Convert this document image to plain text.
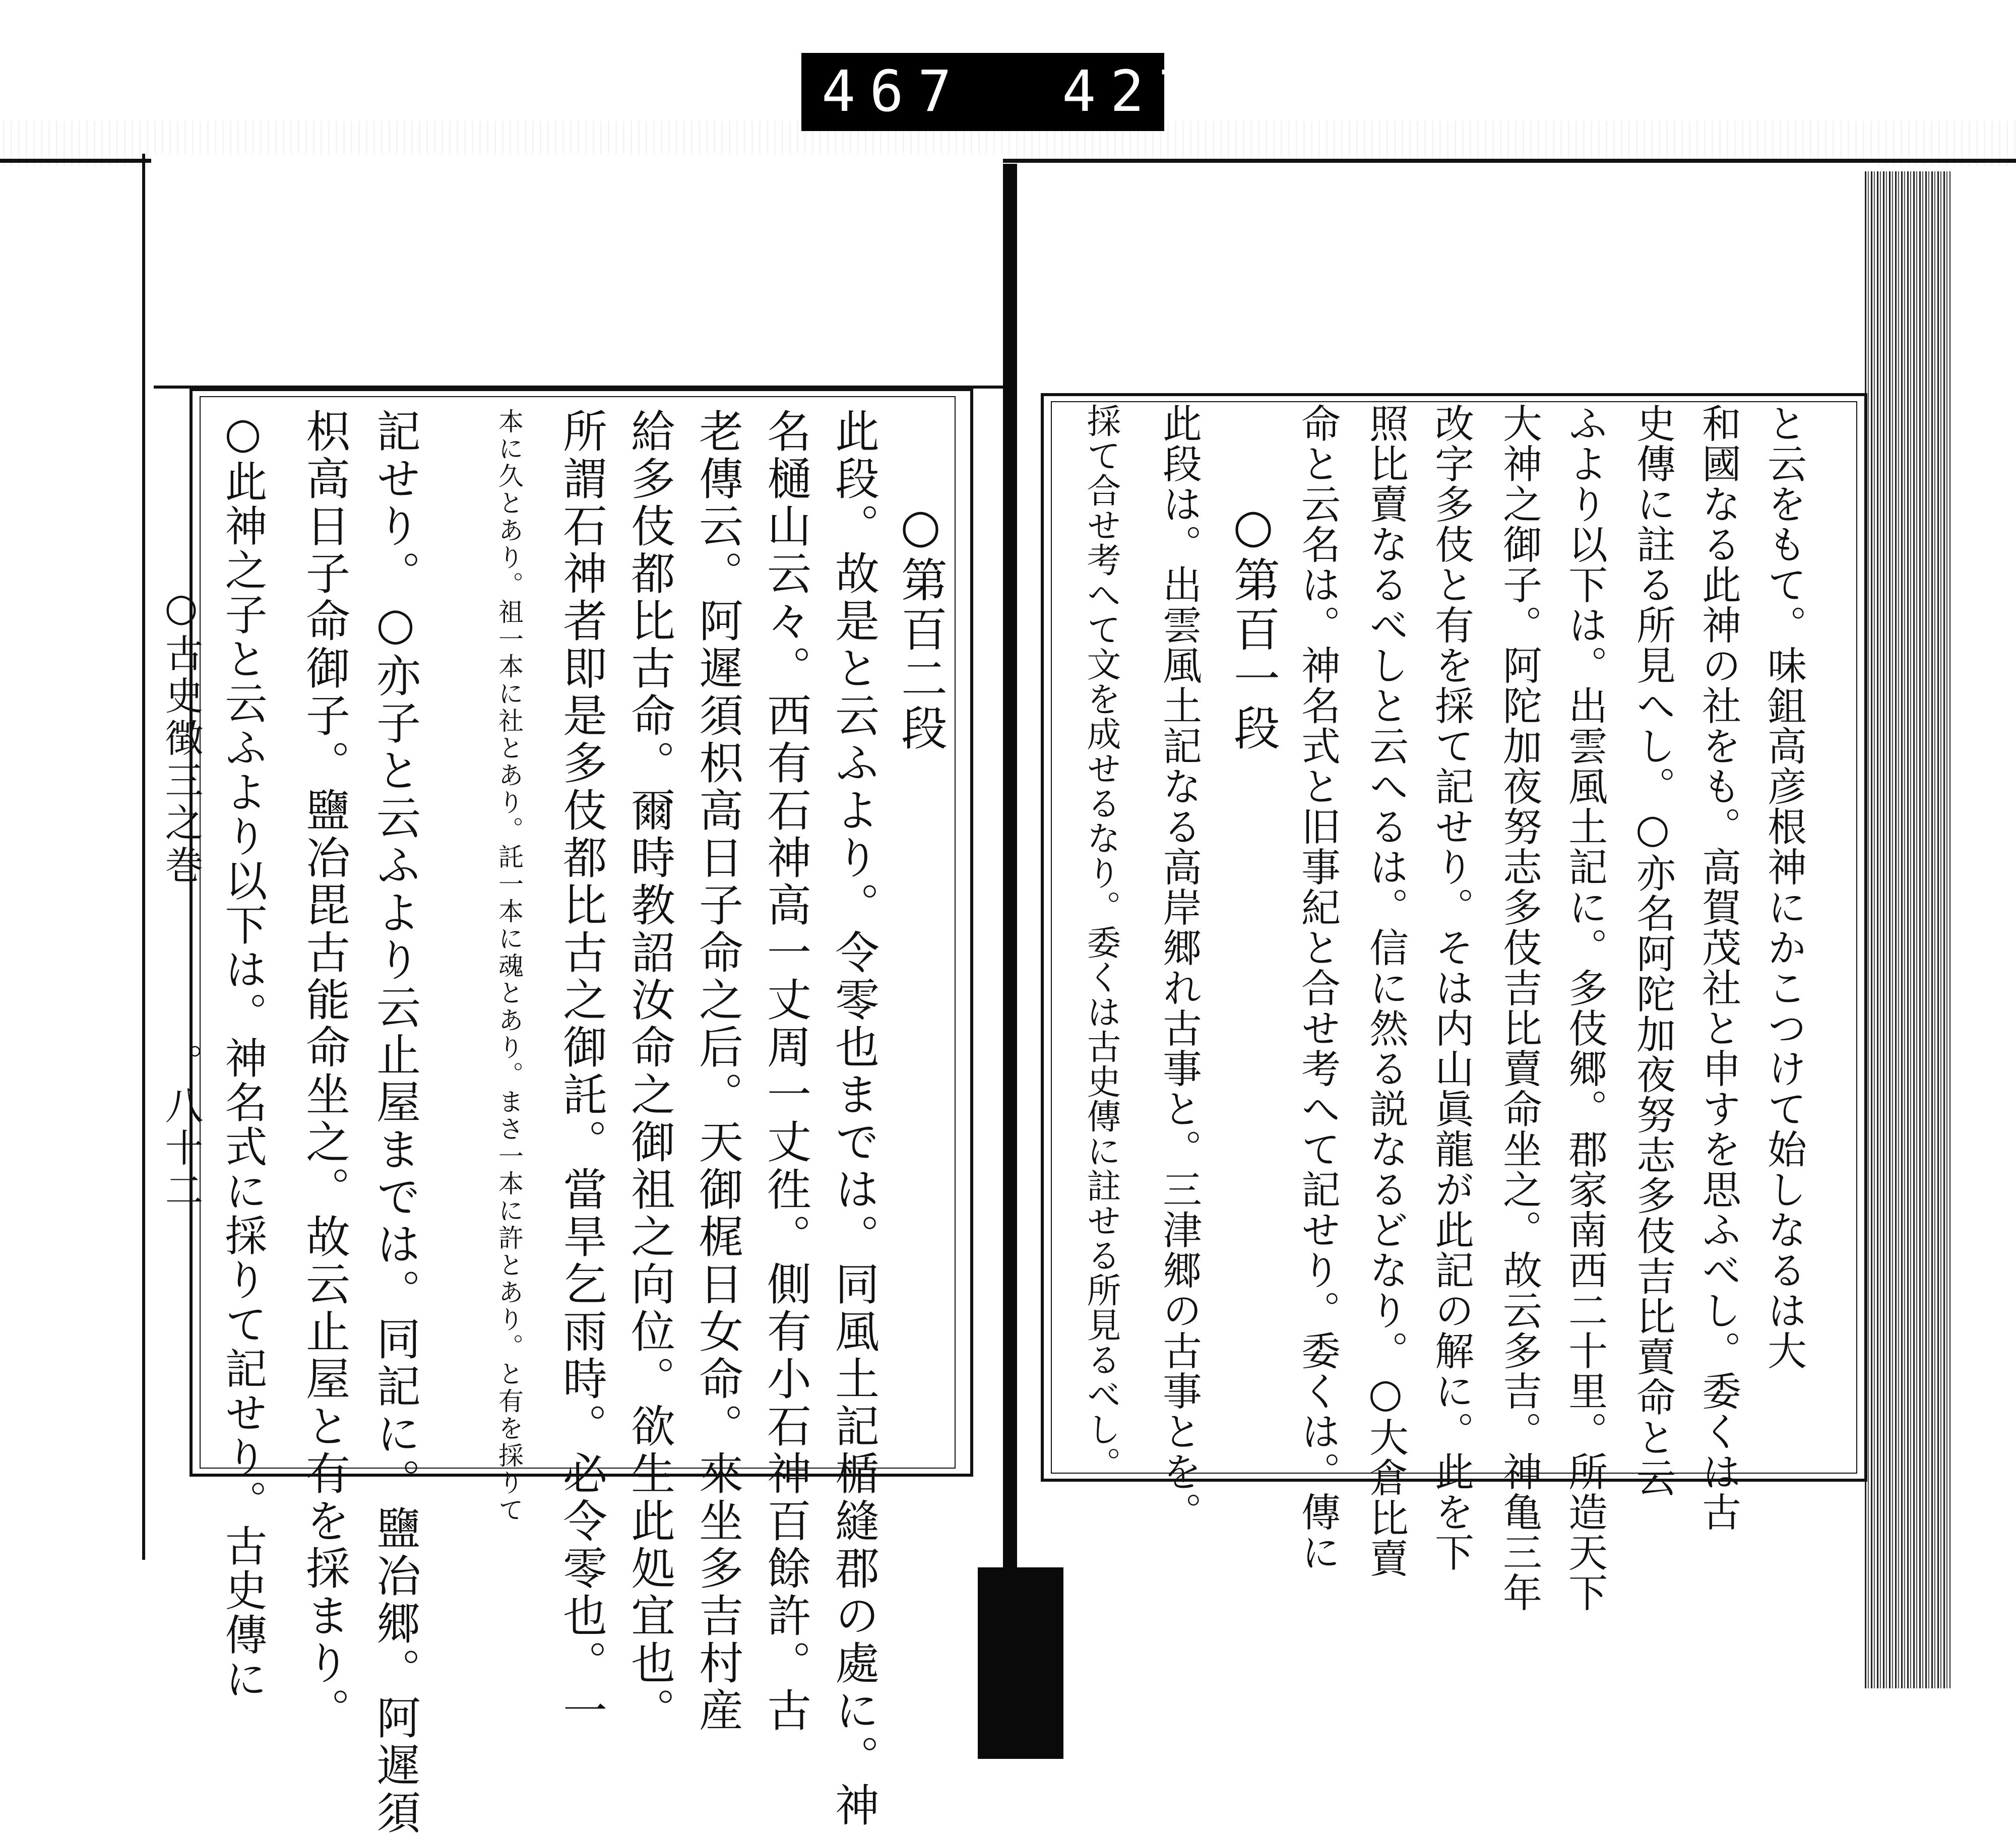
467 427.
○古史徴三之巻
。八十二
○第百二段
此段。故是と云ふより。令零也までは。同風土記楯縫郡の處に。神
名樋山云々。西有石神高一丈周一丈徃。側有小石神百餘許。古
老傳云。阿遲須枳高日子命之后。天御梶日女命。來坐多吉村産
給多伎都比古命。爾時教詔汝命之御祖之向位。欲生此処宜也。
所謂石神者即是多伎都比古之御託。當旱乞雨時。必令零也。一
本に久とあり。祖一本に社とあり。託一本に魂とあり。まさ一本に許とあり。と有を採りて
記せり。○亦子と云ふより云止屋までは。同記に。鹽冶郷。阿遲須
枳高日子命御子。鹽冶毘古能命坐之。故云止屋と有を採まり。
○此神之子と云ふより以下は。神名式に採りて記せり。古史傳に	と云をもて。味鉏高彦根神にかこつけて始しなるは大
和國なる此神の社をも。高賀茂社と申すを思ふべし。委くは古
史傳に註る所見へし。○亦名阿陀加夜努志多伎吉比賣命と云
ふより以下は。出雲風土記に。多伎郷。郡家南西二十里。所造天下
大神之御子。阿陀加夜努志多伎吉比賣命坐之。故云多吉。神亀三年
改字多伎と有を採て記せり。そは内山眞龍が此記の解に。此を下
照比賣なるべしと云へるは。信に然る説なるどなり。○大倉比賣
命と云名は。神名式と旧事紀と合せ考へて記せり。委くは。傳に
○第百一段
此段は。出雲風土記なる高岸郷れ古事と。三津郷の古事とを。
採て合せ考へて文を成せるなり。委くは古史傳に註せる所見るべし。
